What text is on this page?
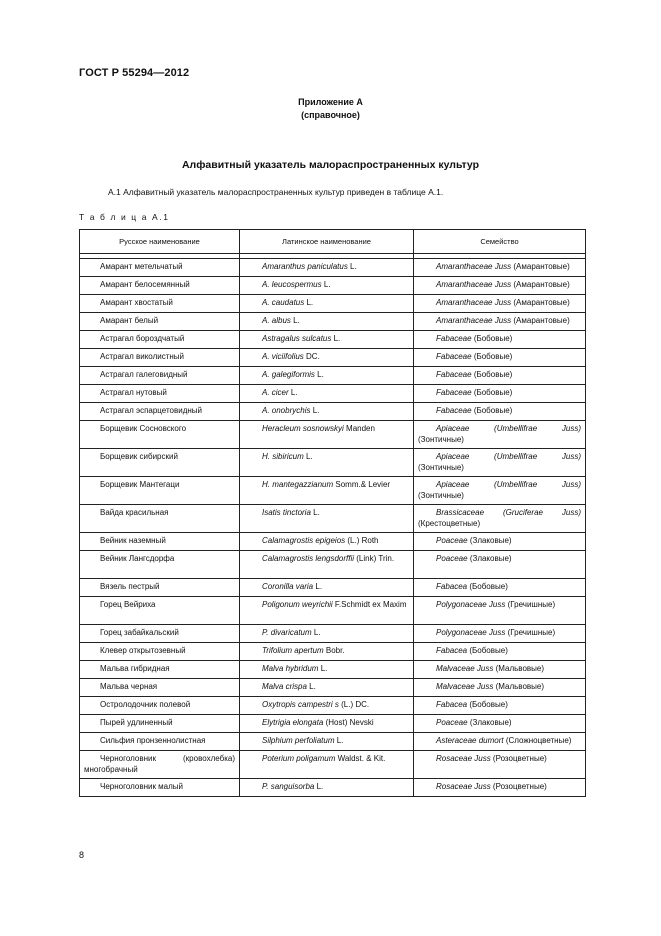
ГОСТ Р 55294—2012
Приложение А
(справочное)
Алфавитный указатель малораспространенных культур
А.1 Алфавитный указатель малораспространенных культур приведен в таблице А.1.
Т а б л и ц а А.1
Русское наименование	Латинское наименование	Семейство

Амарант метельчатый	Amaranthus paniculatus L.	Amaranthaceae Juss (Амарантовые)
Амарант белосемянный	A. leucospermus L.	Amaranthaceae Juss (Амарантовые)
Амарант хвостатый	A. caudatus L.	Amaranthaceae Juss (Амарантовые)
Амарант белый	A. albus L.	Amaranthaceae Juss (Амарантовые)
Астрагал бороздчатый	Astragalus sulcatus L.	Fabaceae (Бобовые)
Астрагал виколистный	A. viciifolius DC.	Fabaceae (Бобовые)
Астрагал галеговидный	A. galegiformis L.	Fabaceae (Бобовые)
Астрагал нутовый	A. cicer L.	Fabaceae (Бобовые)
Астрагал эспарцетовидный	A. onobrychis L.	Fabaceae (Бобовые)
Борщевик Сосновского	Heracleum sosnowskyi Manden	Apiaceae (Umbellifrae Juss) (Зонтичные)
Борщевик сибирский	H. sibiricum L.	Apiaceae (Umbellifrae Juss) (Зонтичные)
Борщевик Мантегаци	H. mantegazzianum Somm.& Levier	Apiaceae (Umbellifrae Juss) (Зонтичные)
Вайда красильная	Isatis tinctoria L.	Brassicaceae (Gruciferae Juss) (Крестоцветные)
Вейник наземный	Calamagrostis epigeios (L.) Roth	Poaceae (Злаковые)
Вейник Лангсдорфа	Calamagrostis lengsdorffii (Link) Trin.	Poaceae (Злаковые)
Вязель пестрый	Coronilla varia L.	Fabacea (Бобовые)
Горец Вейриха	Poligonum weyrichii F.Schmidt ex Maxim	Polygonaceae Juss (Гречишные)
Горец забайкальский	P. divaricatum L.	Polygonaceae Juss (Гречишные)
Клевер открытозевный	Trifolium apertum Bobr.	Fabacea (Бобовые)
Мальва гибридная	Malva hybridum L.	Malvaceae Juss (Мальвовые)
Мальва черная	Malva crispa L.	Malvaceae Juss (Мальвовые)
Остролодочник полевой	Oxytropis campestri s (L.) DC.	Fabacea (Бобовые)
Пырей удлиненный	Elytrigia elongata (Host) Nevski	Poaceae (Злаковые)
Сильфия пронзеннолистная	Silphium perfoliatum L.	Asteraceae dumort (Сложноцветные)
Черноголовник (кровохлебка) многобрачный	Poterium poligamum Waldst. & Kit.	Rosaceae Juss (Розоцветные)
Черноголовник малый	P. sanguisorba L.	Rosaceae Juss (Розоцветные)
8
